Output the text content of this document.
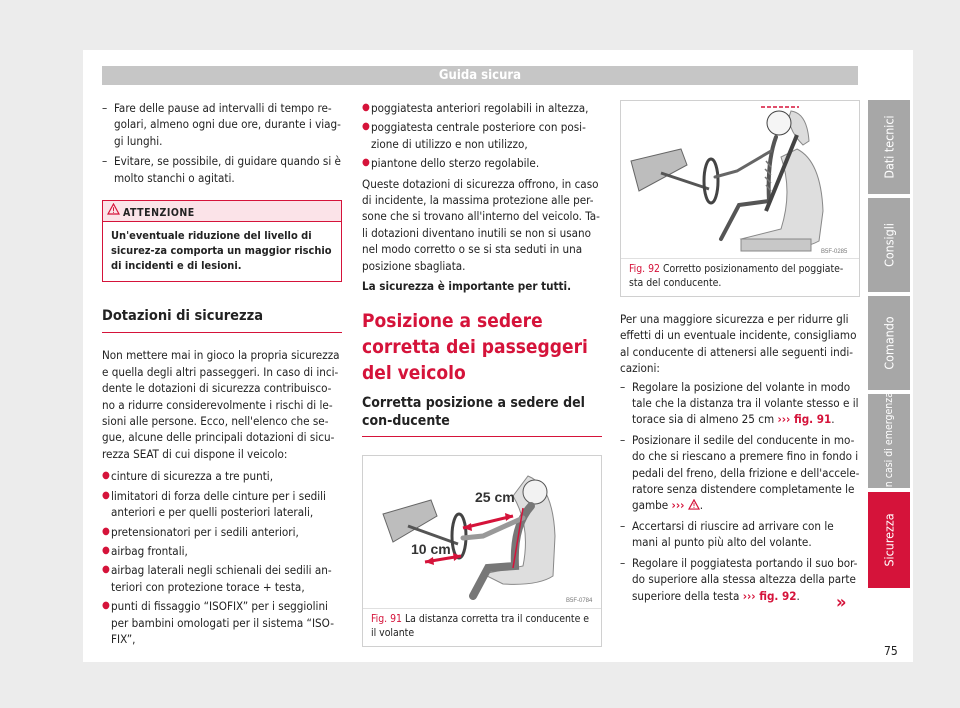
Guida sicura
– Fare delle pause ad intervalli di tempo re-golari, almeno ogni due ore, durante i viag-gi lunghi.
– Evitare, se possibile, di guidare quando si è molto stanchi o agitati.
ATTENZIONE
Un'eventuale riduzione del livello di sicurez-za comporta un maggior rischio di incidenti e di lesioni.
Dotazioni di sicurezza

Non mettere mai in gioco la propria sicurezza e quella degli altri passeggeri. In caso di inci-dente le dotazioni di sicurezza contribuisco-no a ridurre considerevolmente i rischi di le-sioni alle persone. Ecco, nell'elenco che se-gue, alcune delle principali dotazioni di sicu-rezza SEAT di cui dispone il veicolo:

● cinture di sicurezza a tre punti,
● limitatori di forza delle cinture per i sedili anteriori e per quelli posteriori laterali,
● pretensionatori per i sedili anteriori,
● airbag frontali,
● airbag laterali negli schienali dei sedili an-teriori con protezione torace + testa,
● punti di fissaggio “ISOFIX” per i seggiolini per bambini omologati per il sistema “ISO-FIX”,
● poggiatesta anteriori regolabili in altezza,
● poggiatesta centrale posteriore con posi-zione di utilizzo e non utilizzo,
● piantone dello sterzo regolabile.

Queste dotazioni di sicurezza offrono, in caso di incidente, la massima protezione alle per-sone che si trovano all'interno del veicolo. Ta-li dotazioni diventano inutili se non si usano nel modo corretto o se si sta seduti in una posizione sbagliata.

La sicurezza è importante per tutti.

Posizione a sedere corretta dei passeggeri del veicolo
Corretta posizione a sedere del con-ducente
25 cm
10 cm
B5F-0784
Fig. 91 La distanza corretta tra il conducente e il volante
B5F-0285
Fig. 92 Corretto posizionamento del poggiate-sta del conducente.

Per una maggiore sicurezza e per ridurre gli effetti di un eventuale incidente, consigliamo al conducente di attenersi alle seguenti indi-cazioni:

– Regolare la posizione del volante in modo tale che la distanza tra il volante stesso e il torace sia di almeno 25 cm ››› fig. 91.
– Posizionare il sedile del conducente in mo-do che si riescano a premere fino in fondo i pedali del freno, della frizione e dell'accele-ratore senza distendere completamente le gambe ››› .
– Accertarsi di riuscire ad arrivare con le mani al punto più alto del volante.
– Regolare il poggiatesta portando il suo bor-do superiore alla stessa altezza della parte superiore della testa ››› fig. 92.	»
Dati tecnici
Consigli
Comando
In casi di emergenza
Sicurezza
75
